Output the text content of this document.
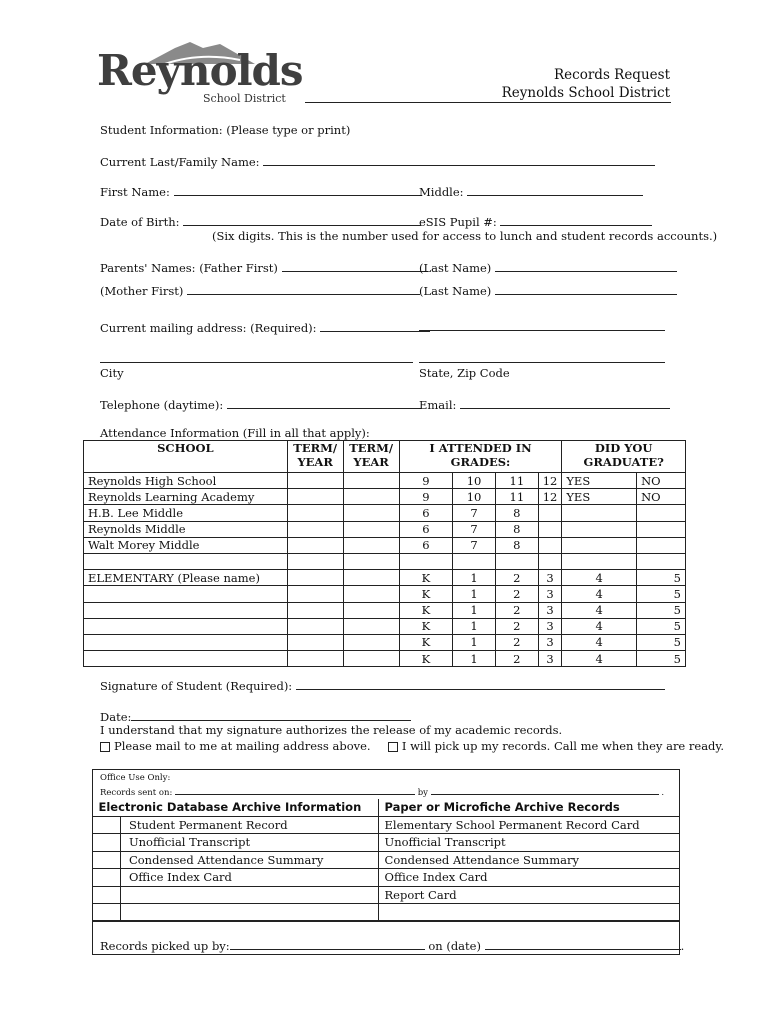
Reynolds
School District
Records Request
Reynolds School District
Student Information: (Please type or print)
Current Last/Family Name:
First Name:	Middle:
Date of Birth:	eSIS Pupil #:
(Six digits. This is the number used for access to lunch and student records accounts.)
Parents' Names: (Father First)	(Last Name)
(Mother First)	(Last Name)
Current mailing address: (Required):
City	State, Zip Code
Telephone (daytime):	Email:
Attendance Information (Fill in all that apply):
SCHOOL	TERM/ YEAR	TERM/ YEAR	I ATTENDED IN GRADES:				DID YOU GRADUATE?	
Reynolds High School			9	10	11	12	YES	NO
Reynolds Learning Academy			9	10	11	12	YES	NO
H.B. Lee Middle			6	7	8			
Reynolds Middle			6	7	8			
Walt Morey Middle			6	7	8			

ELEMENTARY (Please name)			K	1	2	3	4	5
			K	1	2	3	4	5
			K	1	2	3	4	5
			K	1	2	3	4	5
			K	1	2	3	4	5
			K	1	2	3	4	5
Signature of Student (Required):
Date:
I understand that my signature authorizes the release of my academic records.
Please mail to me at mailing address above.	I will pick up my records. Call me when they are ready.
Office Use Only:
Records sent on:	by	.
Electronic Database Archive Information		Paper or Microfiche Archive Records
	Student Permanent Record	Elementary School Permanent Record Card
	Unofficial Transcript	Unofficial Transcript
	Condensed Attendance Summary	Condensed Attendance Summary
	Office Index Card	Office Index Card
		Report Card

Records picked up by:	on (date)	.
